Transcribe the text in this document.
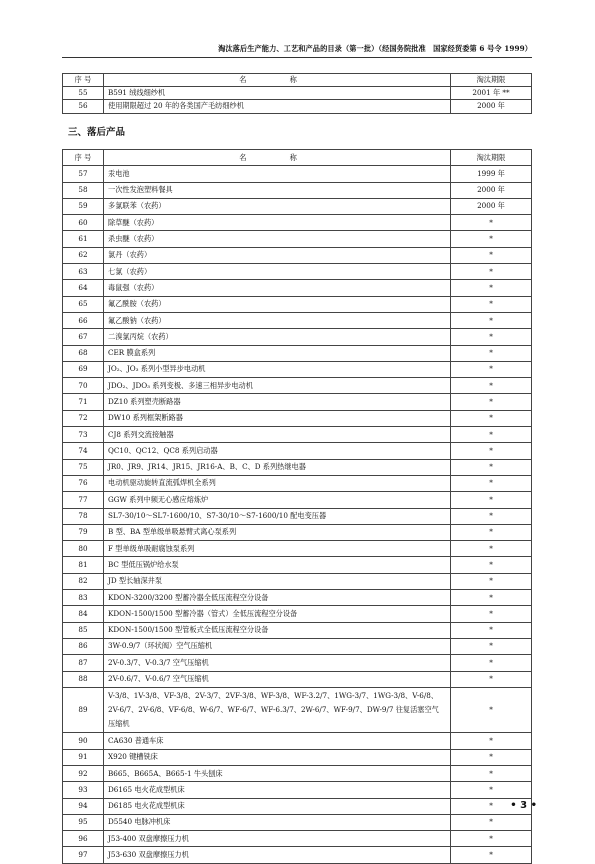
淘汰落后生产能力、工艺和产品的目录（第一批）（经国务院批准　国家经贸委第 6 号令 1999）
序 号	名　称	淘汰期限
55	B591 绒线细纱机	2001 年 **
56	使用期限超过 20 年的各类国产毛纺细纱机	2000 年
三、落后产品
序 号	名　称	淘汰期限
57	汞电池	1999 年
58	一次性发泡塑料餐具	2000 年
59	多氯联苯（农药）	2000 年
60	除草醚（农药）	*
61	杀虫醚（农药）	*
62	氯丹（农药）	*
63	七氯（农药）	*
64	毒鼠强（农药）	*
65	氟乙酰胺（农药）	*
66	氟乙酸钠（农药）	*
67	二溴氯丙烷（农药）	*
68	CER 膜盒系列	*
69	JO₂、JO₃ 系列小型异步电动机	*
70	JDO₂、JDO₃ 系列变极、多速三相异步电动机	*
71	DZ10 系列塑壳断路器	*
72	DW10 系列框架断路器	*
73	CJ8 系列交流接触器	*
74	QC10、QC12、QC8 系列启动器	*
75	JR0、JR9、JR14、JR15、JR16-A、B、C、D 系列热继电器	*
76	电动机驱动旋转直流弧焊机全系列	*
77	GGW 系列中频无心感应熔炼炉	*
78	SL7-30/10～SL7-1600/10、S7-30/10～S7-1600/10 配电变压器	*
79	B 型、BA 型单级单吸悬臂式离心泵系列	*
80	F 型单级单吸耐腐蚀泵系列	*
81	BC 型低压锅炉给水泵	*
82	JD 型长轴深井泵	*
83	KDON-3200/3200 型蓄冷器全低压流程空分设备	*
84	KDON-1500/1500 型蓄冷器（管式）全低压流程空分设备	*
85	KDON-1500/1500 型管板式全低压流程空分设备	*
86	3W-0.9/7（环状阀）空气压缩机	*
87	2V-0.3/7、V-0.3/7 空气压缩机	*
88	2V-0.6/7、V-0.6/7 空气压缩机	*
89	V-3/8、1V-3/8、VF-3/8、2V-3/7、2VF-3/8、WF-3/8、WF-3.2/7、1WG-3/7、1WG-3/8、V-6/8、
2V-6/7、2V-6/8、VF-6/8、W-6/7、WF-6/7、WF-6.3/7、2W-6/7、WF-9/7、DW-9/7 往复活塞空气
压缩机	*
90	CA630 普通车床	*
91	X920 键槽铣床	*
92	B665、B665A、B665-1 牛头刨床	*
93	D6165 电火花成型机床	*
94	D6185 电火花成型机床	*
95	D5540 电脉冲机床	*
96	J53-400 双盘摩擦压力机	*
97	J53-630 双盘摩擦压力机	*
• 3 •
